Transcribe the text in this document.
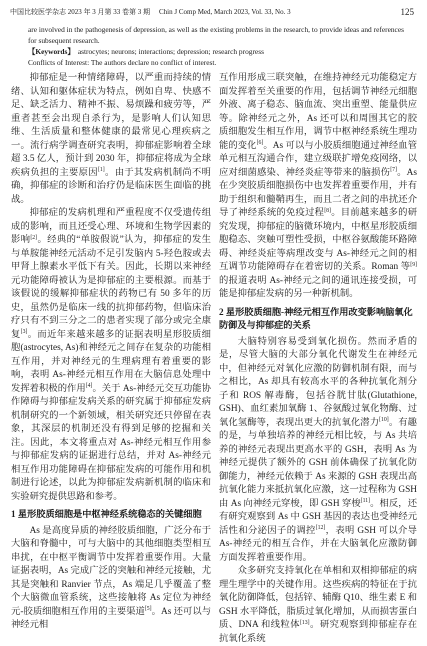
中国比较医学杂志 2023 年 3 月第 33 卷第 3 期 Chin J Comp Med, March 2023, Vol. 33, No. 3	125

are involved in the pathogenesis of depression, as well as the existing problems in the research, to provide ideas and references for subsequent research.

【Keywords】 astrocytes; neurons; interactions; depression; research progress

Conflicts of Interest: The authors declare no conflict of interest.

抑郁症是一种情绪障碍，以严重而持续的情绪、认知和躯体症状为特点，例如自卑、快感不足、缺乏活力、精神不振、易烦躁和疲劳等，严重者甚至会出现自杀行为，是影响人们认知思维、生活质量和整体健康的最常见心理疾病之一。流行病学调查研究表明，抑郁症影响着全球超 3.5 亿人，预计到 2030 年，抑郁症将成为全球疾病负担的主要原因[1]。由于其发病机制尚不明确，抑郁症的诊断和治疗仍是临床医生面临的挑战。

抑郁症的发病机理和严重程度不仅受遗传组成的影响，而且还受心理、环境和生物学因素的影响[2]。经典的“单胺假说”认为，抑郁症的发生与单胺能神经元活动不足引发脑内 5-羟色胺或去甲肾上腺素水平低下有关。因此，长期以来神经元功能障碍被认为是抑郁症的主要根源。而基于该假说的缓解抑郁症状的药物已有 50 多年的历史，虽然仍是临床一线的抗抑郁药物，但临床治疗只有不到三分之二的患者实现了部分或完全康复[3]。而近年来越来越多的证据表明星形胶质细胞(astrocytes, As)和神经元之间存在复杂的功能相互作用，并对神经元的生理病理有着重要的影响，表明 As-神经元相互作用在大脑信息处理中发挥着积极的作用[4]。关于 As-神经元交互功能协作障碍与抑郁症发病关系的研究属于抑郁症发病机制研究的一个新领域，相关研究还只停留在表象，其深层的机制还没有得到足够的挖掘和关注。因此，本文将重点对 As-神经元相互作用参与抑郁症发病的证据进行总结，并对 As-神经元相互作用功能障碍在抑郁症发病的可能作用和机制进行论述，以此为抑郁症发病新机制的临床和实验研究提供思路和参考。

1 星形胶质细胞是中枢神经系统稳态的关键细胞

As 是高度异质的神经胶质细胞，广泛分布于大脑和脊髓中，可与大脑中的其他细胞类型相互串扰，在中枢平衡调节中发挥着重要作用。大量证据表明，As 完成广泛的突触和神经元接触，尤其是突触和 Ranvier 节点，As 端足几乎覆盖了整个大脑微血管系统，这些接触将 As 定位为神经元-胶质细胞相互作用的主要渠道[5]。As 还可以与神经元相

互作用形成三联突触，在维持神经元功能稳定方面发挥着至关重要的作用，包括调节神经元细胞外液、离子稳态、脑血流、突出重塑、能量供应等。除神经元之外，As 还可以和周围其它的胶质细胞发生相互作用，调节中枢神经系统生理功能的变化[6]。As 可以与小胶质细胞通过神经血管单元相互沟通合作，建立级联扩增免疫网络，以应对细菌感染、神经炎症等带来的脑损伤[7]。As 在少突胶质细胞损伤中也发挥着重要作用，并有助于组织和髓鞘再生，而且二者之间的串扰还介导了神经系统的免疫过程[8]。目前越来越多的研究发现，抑郁症的脑微环境内，中枢星形胶质细胞稳态、突触可塑性受损，中枢谷氨酸能环路障碍、神经炎症等病理改变与 As-神经元之间的相互调节功能障碍存在着密切的关系。Roman 等[9]的报道表明 As-神经元之间的通讯连接受损，可能是抑郁症发病的另一种新机制。

2 星形胶质细胞-神经元相互作用改变影响脑氧化防御及与抑郁症的关系

大脑特别容易受到氧化损伤。然而矛盾的是，尽管大脑的大部分氧化代谢发生在神经元中，但神经元对氧化应激的防御机制有限，而与之相比，As 却具有较高水平的各种抗氧化剂分子和 ROS 解毒酶，包括谷胱甘肽(Glutathione, GSH)、血红素加氧酶 1、谷氨酸过氧化物酶、过氧化氢酶等，表现出更大的抗氧化潜力[10]。有趣的是，与单独培养的神经元相比较，与 As 共培养的神经元表现出更高水平的 GSH，表明 As 为神经元提供了额外的 GSH 前体确保了抗氧化防御能力，神经元依赖于 As 来源的 GSH 表现出高抗氧化能力来抵抗氧化应激，这一过程称为 GSH 由 As 向神经元穿梭，即 GSH 穿梭[11]。相反，还有研究观察到 As 中 GSH 基因的表达也受神经元活性和分泌因子的调控[12]，表明 GSH 可以介导 As-神经元的相互合作，并在大脑氧化应激防御方面发挥着重要作用。

众多研究支持氧化在单相和双相抑郁症的病理生理学中的关键作用。这些疾病的特征在于抗氧化防御降低，包括锌、辅酶 Q10、维生素 E 和 GSH 水平降低，脂质过氧化增加，从而损害蛋白质、DNA 和线粒体[13]。研究观察到抑郁症存在抗氧化系统
